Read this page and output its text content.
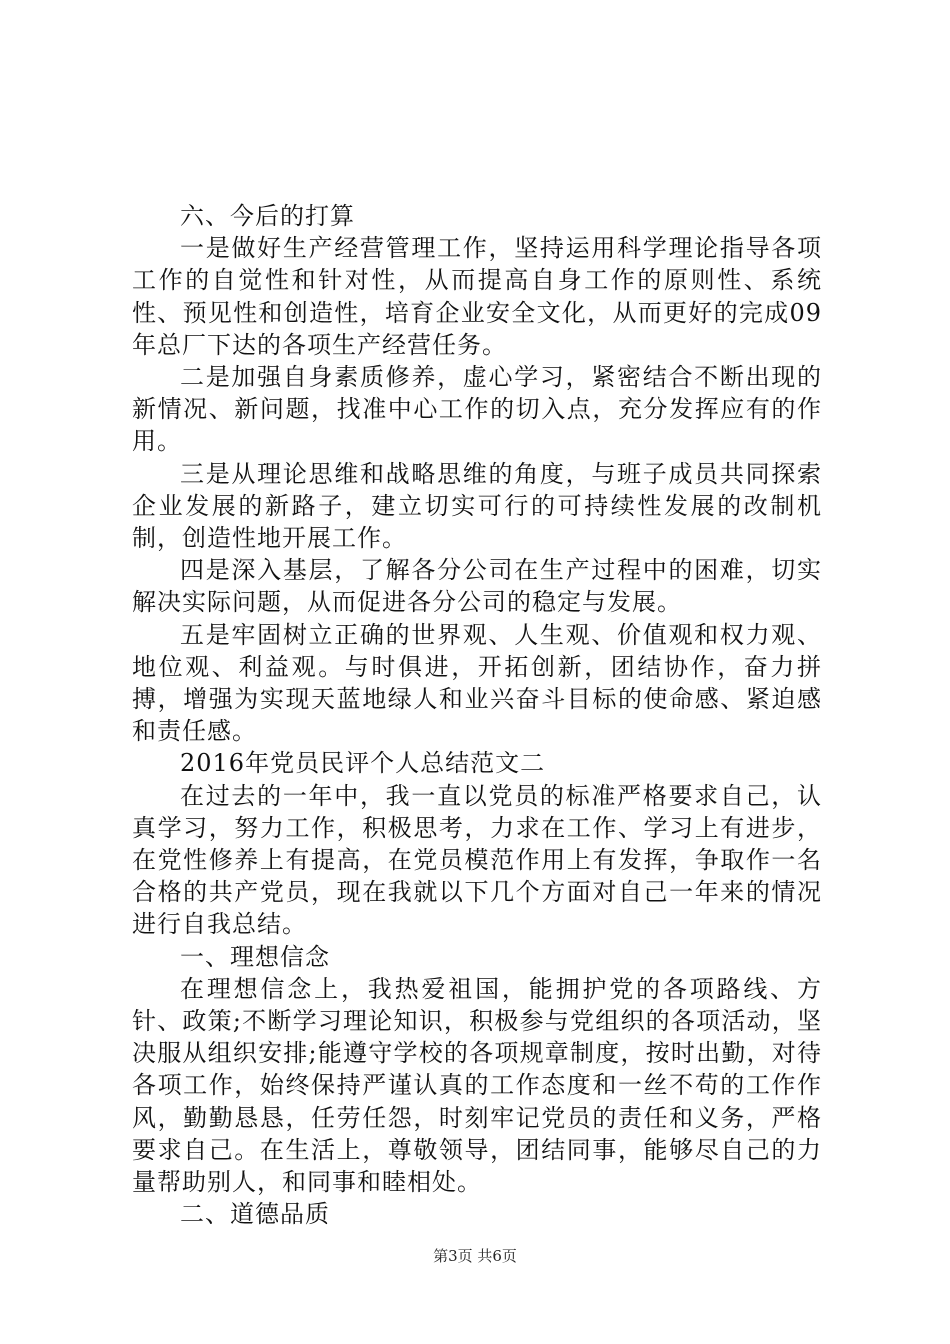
六、今后的打算

一是做好生产经营管理工作，坚持运用科学理论指导各项工作的自觉性和针对性，从而提高自身工作的原则性、系统性、预见性和创造性，培育企业安全文化，从而更好的完成09年总厂下达的各项生产经营任务。

二是加强自身素质修养，虚心学习，紧密结合不断出现的新情况、新问题，找准中心工作的切入点，充分发挥应有的作用。

三是从理论思维和战略思维的角度，与班子成员共同探索企业发展的新路子，建立切实可行的可持续性发展的改制机制，创造性地开展工作。

四是深入基层，了解各分公司在生产过程中的困难，切实解决实际问题，从而促进各分公司的稳定与发展。

五是牢固树立正确的世界观、人生观、价值观和权力观、地位观、利益观。与时俱进，开拓创新，团结协作，奋力拼搏，增强为实现天蓝地绿人和业兴奋斗目标的使命感、紧迫感和责任感。

2016年党员民评个人总结范文二

在过去的一年中，我一直以党员的标准严格要求自己，认真学习，努力工作，积极思考，力求在工作、学习上有进步，在党性修养上有提高，在党员模范作用上有发挥，争取作一名合格的共产党员，现在我就以下几个方面对自己一年来的情况进行自我总结。

一、理想信念

在理想信念上，我热爱祖国，能拥护党的各项路线、方针、政策;不断学习理论知识，积极参与党组织的各项活动，坚决服从组织安排;能遵守学校的各项规章制度，按时出勤，对待各项工作，始终保持严谨认真的工作态度和一丝不苟的工作作风，勤勤恳恳，任劳任怨，时刻牢记党员的责任和义务，严格要求自己。在生活上，尊敬领导，团结同事，能够尽自己的力量帮助别人，和同事和睦相处。

二、道德品质

第3页 共6页
